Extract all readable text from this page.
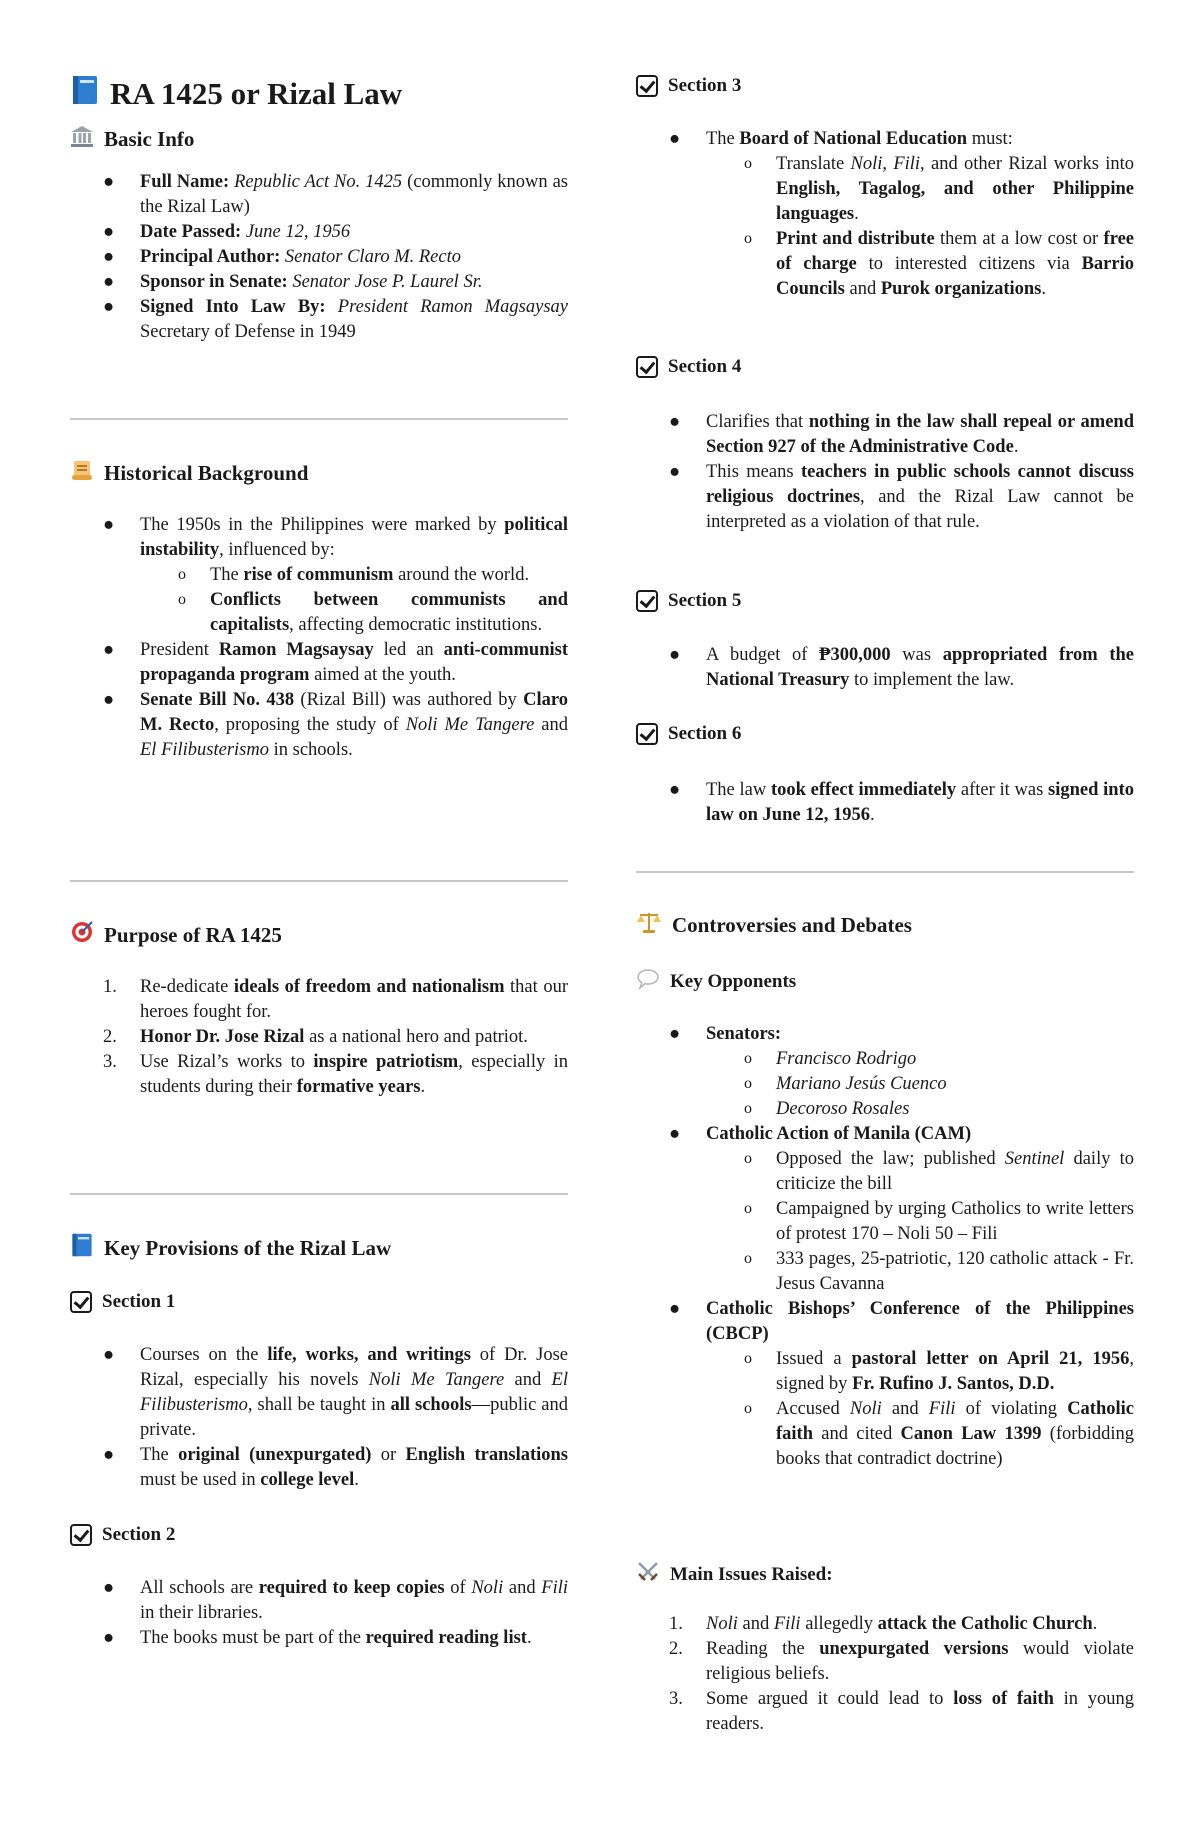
RA 1425 or Rizal Law
Basic Info
● Full Name: Republic Act No. 1425 (commonly known as the Rizal Law)
● Date Passed: June 12, 1956
● Principal Author: Senator Claro M. Recto
● Sponsor in Senate: Senator Jose P. Laurel Sr.
● Signed Into Law By: President Ramon Magsaysay Secretary of Defense in 1949
Historical Background
● The 1950s in the Philippines were marked by political instability, influenced by:
o The rise of communism around the world.
o Conflicts between communists and capitalists, affecting democratic institutions.
● President Ramon Magsaysay led an anti-communist propaganda program aimed at the youth.
● Senate Bill No. 438 (Rizal Bill) was authored by Claro M. Recto, proposing the study of Noli Me Tangere and El Filibusterismo in schools.
Purpose of RA 1425
1. Re-dedicate ideals of freedom and nationalism that our heroes fought for.
2. Honor Dr. Jose Rizal as a national hero and patriot.
3. Use Rizal’s works to inspire patriotism, especially in students during their formative years.
Key Provisions of the Rizal Law
Section 1
● Courses on the life, works, and writings of Dr. Jose Rizal, especially his novels Noli Me Tangere and El Filibusterismo, shall be taught in all schools—public and private.
● The original (unexpurgated) or English translations must be used in college level.
Section 2
● All schools are required to keep copies of Noli and Fili in their libraries.
● The books must be part of the required reading list.
Section 3
● The Board of National Education must:
o Translate Noli, Fili, and other Rizal works into English, Tagalog, and other Philippine languages.
o Print and distribute them at a low cost or free of charge to interested citizens via Barrio Councils and Purok organizations.
Section 4
● Clarifies that nothing in the law shall repeal or amend Section 927 of the Administrative Code.
● This means teachers in public schools cannot discuss religious doctrines, and the Rizal Law cannot be interpreted as a violation of that rule.
Section 5
● A budget of ₱300,000 was appropriated from the National Treasury to implement the law.
Section 6
● The law took effect immediately after it was signed into law on June 12, 1956.
Controversies and Debates
Key Opponents
● Senators:
o Francisco Rodrigo
o Mariano Jesús Cuenco
o Decoroso Rosales
● Catholic Action of Manila (CAM)
o Opposed the law; published Sentinel daily to criticize the bill
o Campaigned by urging Catholics to write letters of protest 170 – Noli 50 – Fili
o 333 pages, 25-patriotic, 120 catholic attack - Fr. Jesus Cavanna
● Catholic Bishops’ Conference of the Philippines (CBCP)
o Issued a pastoral letter on April 21, 1956, signed by Fr. Rufino J. Santos, D.D.
o Accused Noli and Fili of violating Catholic faith and cited Canon Law 1399 (forbidding books that contradict doctrine)
Main Issues Raised:
1. Noli and Fili allegedly attack the Catholic Church.
2. Reading the unexpurgated versions would violate religious beliefs.
3. Some argued it could lead to loss of faith in young readers.
